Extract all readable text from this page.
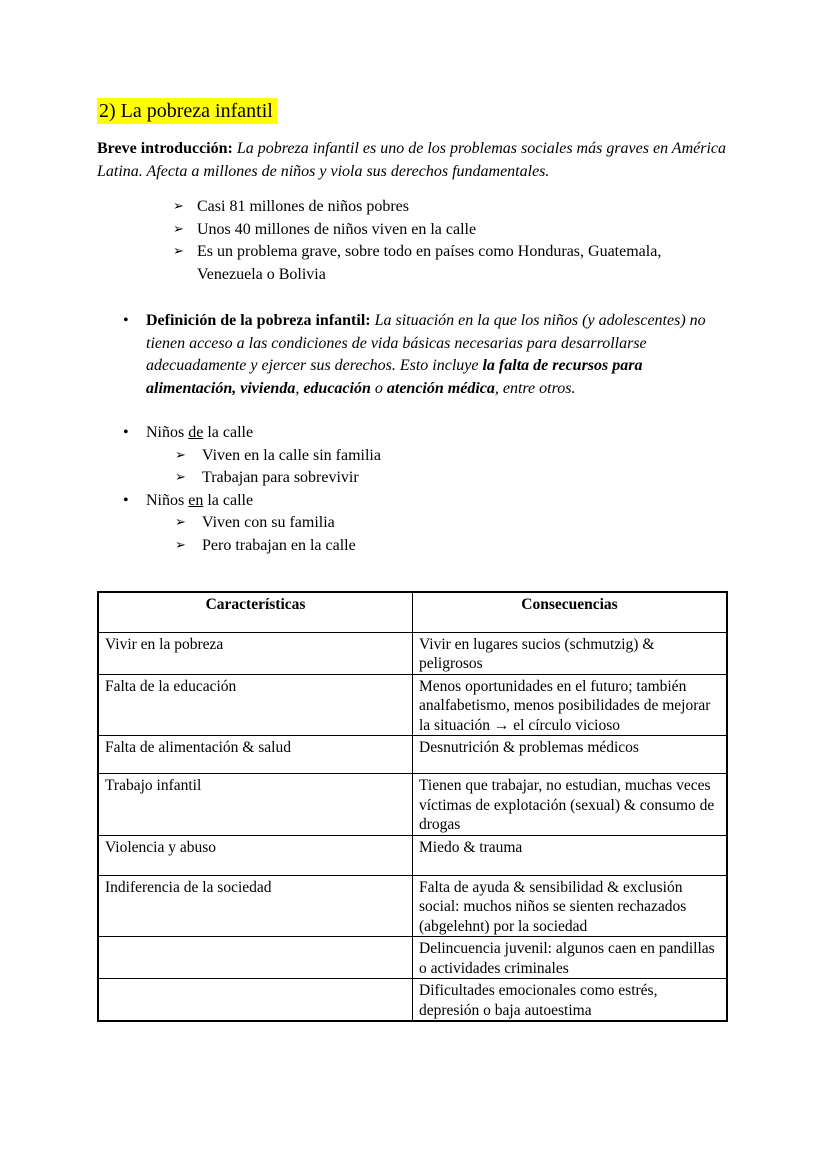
2) La pobreza infantil

Breve introducción: La pobreza infantil es uno de los problemas sociales más graves en América Latina. Afecta a millones de niños y viola sus derechos fundamentales.

➢ Casi 81 millones de niños pobres
➢ Unos 40 millones de niños viven en la calle
➢ Es un problema grave, sobre todo en países como Honduras, Guatemala, Venezuela o Bolivia
•	Definición de la pobreza infantil: La situación en la que los niños (y adolescentes) no tienen acceso a las condiciones de vida básicas necesarias para desarrollarse adecuadamente y ejercer sus derechos. Esto incluye la falta de recursos para alimentación, vivienda, educación o atención médica, entre otros.
•	Niños de la calle
➢	Viven en la calle sin familia
➢	Trabajan para sobrevivir
•	Niños en la calle
➢	Viven con su familia
➢	Pero trabajan en la calle
Características	Consecuencias
Vivir en la pobreza	Vivir en lugares sucios (schmutzig) & peligrosos
Falta de la educación	Menos oportunidades en el futuro; también analfabetismo, menos posibilidades de mejorar la situación → el círculo vicioso
Falta de alimentación & salud	Desnutrición & problemas médicos
Trabajo infantil	Tienen que trabajar, no estudian, muchas veces víctimas de explotación (sexual) & consumo de drogas
Violencia y abuso	Miedo & trauma
Indiferencia de la sociedad	Falta de ayuda & sensibilidad & exclusión social: muchos niños se sienten rechazados (abgelehnt) por la sociedad
	Delincuencia juvenil: algunos caen en pandillas o actividades criminales
	Dificultades emocionales como estrés, depresión o baja autoestima
